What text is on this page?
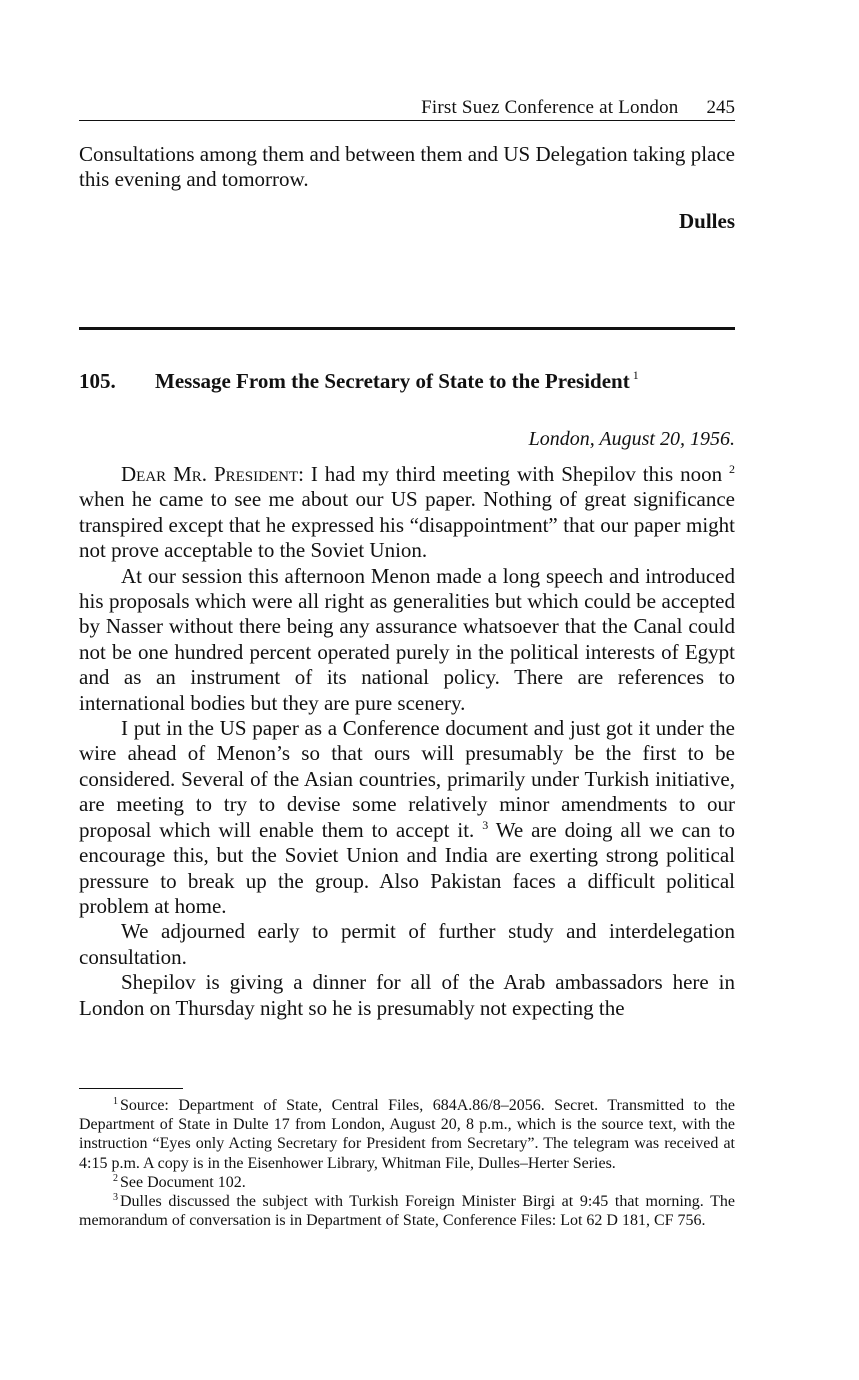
First Suez Conference at London 245

Consultations among them and between them and US Delegation taking place this evening and tomorrow.

Dulles
105. Message From the Secretary of State to the President $^1$
London, August 20, 1956.

Dear Mr. President: I had my third meeting with Shepilov this noon $^2$ when he came to see me about our US paper. Nothing of great significance transpired except that he expressed his “disappointment” that our paper might not prove acceptable to the Soviet Union.

At our session this afternoon Menon made a long speech and introduced his proposals which were all right as generalities but which could be accepted by Nasser without there being any assurance whatsoever that the Canal could not be one hundred percent operated purely in the political interests of Egypt and as an instrument of its national policy. There are references to international bodies but they are pure scenery.

I put in the US paper as a Conference document and just got it under the wire ahead of Menon’s so that ours will presumably be the first to be considered. Several of the Asian countries, primarily under Turkish initiative, are meeting to try to devise some relatively minor amendments to our proposal which will enable them to accept it. $^3$ We are doing all we can to encourage this, but the Soviet Union and India are exerting strong political pressure to break up the group. Also Pakistan faces a difficult political problem at home.

We adjourned early to permit of further study and interdelegation consultation.

Shepilov is giving a dinner for all of the Arab ambassadors here in London on Thursday night so he is presumably not expecting the

$^1$ Source: Department of State, Central Files, 684A.86/8–2056. Secret. Transmitted to the Department of State in Dulte 17 from London, August 20, 8 p.m., which is the source text, with the instruction “Eyes only Acting Secretary for President from Secretary”. The telegram was received at 4:15 p.m. A copy is in the Eisenhower Library, Whitman File, Dulles–Herter Series.

$^2$ See Document 102.

$^3$ Dulles discussed the subject with Turkish Foreign Minister Birgi at 9:45 that morning. The memorandum of conversation is in Department of State, Conference Files: Lot 62 D 181, CF 756.
